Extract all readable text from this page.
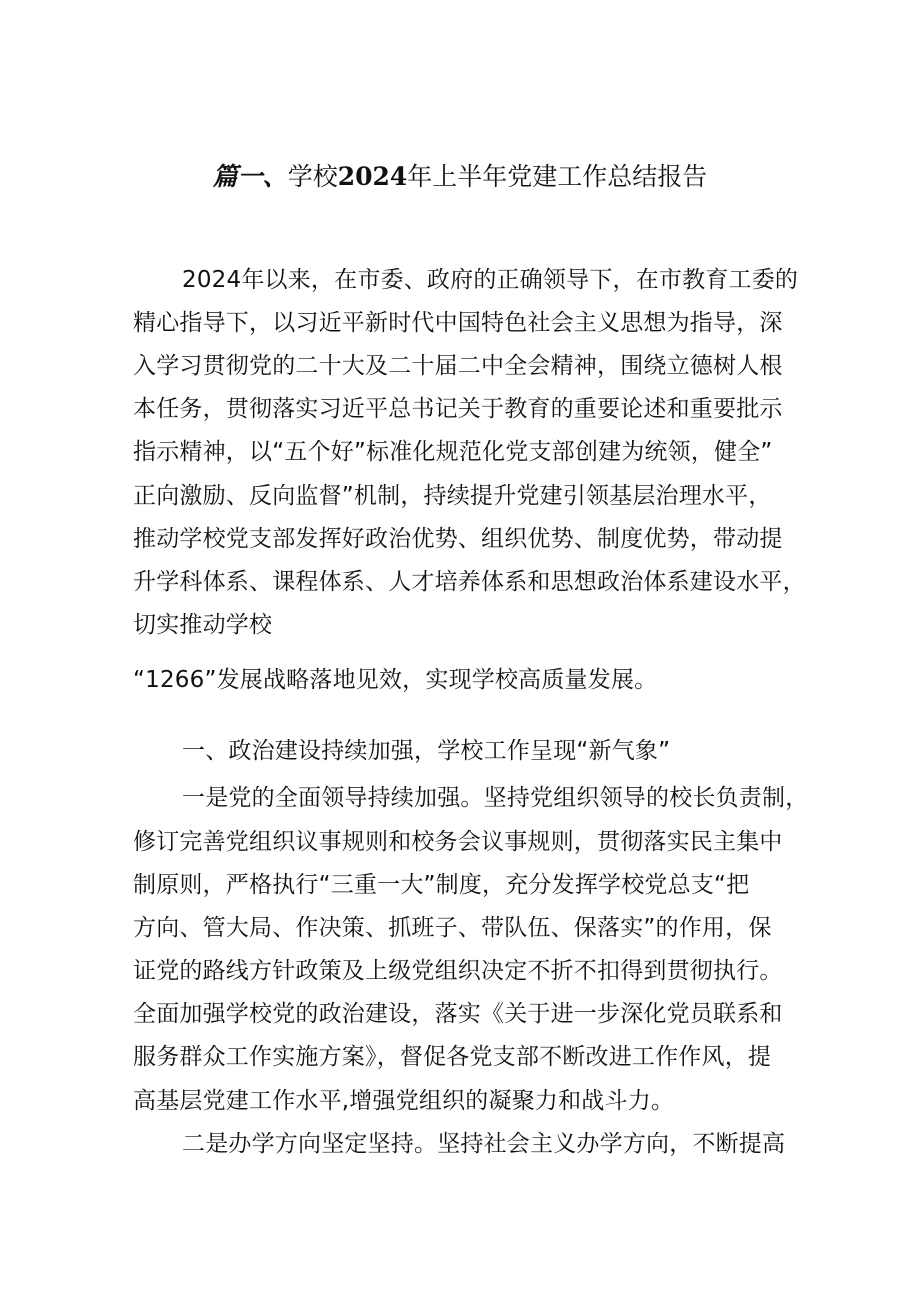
篇一、学校2024年上半年党建工作总结报告
2024年以来，在市委、政府的正确领导下，在市教育工委的
精心指导下，以习近平新时代中国特色社会主义思想为指导，深
入学习贯彻党的二十大及二十届二中全会精神，围绕立德树人根
本任务，贯彻落实习近平总书记关于教育的重要论述和重要批示
指示精神，以“五个好”标准化规范化党支部创建为统领，健全”
正向激励、反向监督”机制，持续提升党建引领基层治理水平，
推动学校党支部发挥好政治优势、组织优势、制度优势，带动提
升学科体系、课程体系、人才培养体系和思想政治体系建设水平，
切实推动学校
“1266”发展战略落地见效，实现学校高质量发展。
一、政治建设持续加强，学校工作呈现“新气象”
一是党的全面领导持续加强。坚持党组织领导的校长负责制，
修订完善党组织议事规则和校务会议事规则，贯彻落实民主集中
制原则，严格执行“三重一大”制度，充分发挥学校党总支“把
方向、管大局、作决策、抓班子、带队伍、保落实”的作用，保
证党的路线方针政策及上级党组织决定不折不扣得到贯彻执行。
全面加强学校党的政治建设，落实《关于进一步深化党员联系和
服务群众工作实施方案》，督促各党支部不断改进工作作风，提
高基层党建工作水平,增强党组织的凝聚力和战斗力。
二是办学方向坚定坚持。坚持社会主义办学方向，不断提高
